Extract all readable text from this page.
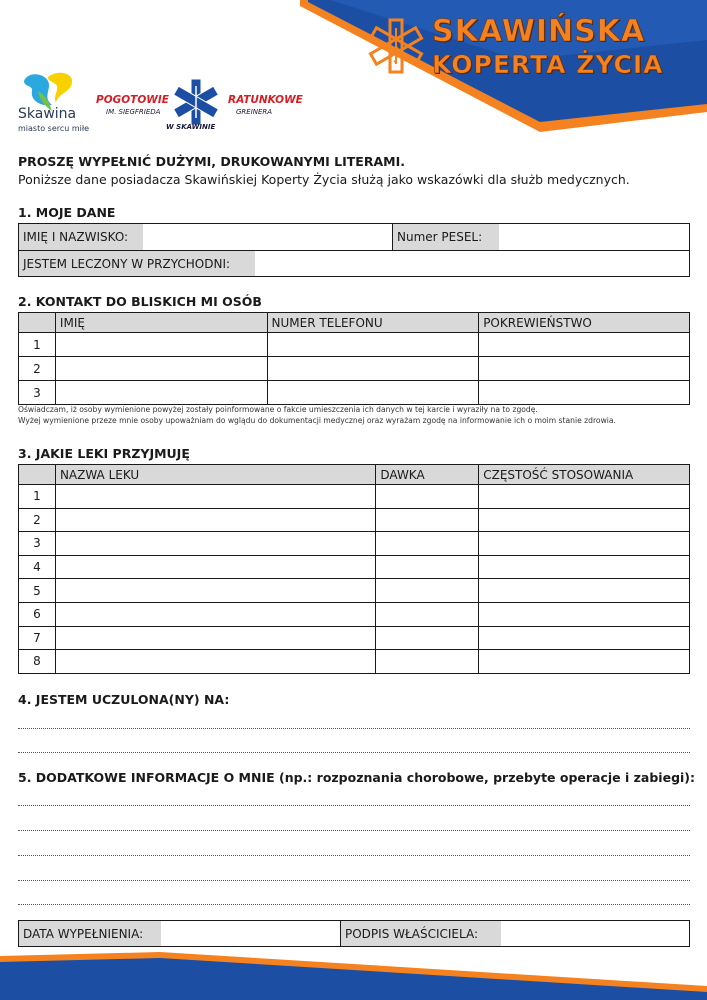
SKAWIŃSKA
KOPERTA ŻYCIA
Skawina
miasto sercu miłe
POGOTOWIE	RATUNKOWE
IM. SIEGFRIEDA	GREINERA
W SKAWINIE
PROSZĘ WYPEŁNIĆ DUŻYMI, DRUKOWANYMI LITERAMI.
Poniższe dane posiadacza Skawińskiej Koperty Życia służą jako wskazówki dla służb medycznych.
1. MOJE DANE
IMIĘ I NAZWISKO:	Numer PESEL:
JESTEM LECZONY W PRZYCHODNI:
2. KONTAKT DO BLISKICH MI OSÓB
	IMIĘ	NUMER TELEFONU	POKREWIEŃSTWO
1			
2			
3			
Oświadczam, iż osoby wymienione powyżej zostały poinformowane o fakcie umieszczenia ich danych w tej karcie i wyraziły na to zgodę.
Wyżej wymienione przeze mnie osoby upoważniam do wglądu do dokumentacji medycznej oraz wyrażam zgodę na informowanie ich o moim stanie zdrowia.
3. JAKIE LEKI PRZYJMUJĘ
	NAZWA LEKU	DAWKA	CZĘSTOŚĆ STOSOWANIA
1			
2			
3			
4			
5			
6			
7			
8			
4. JESTEM UCZULONA(NY) NA:
5. DODATKOWE INFORMACJE O MNIE (np.: rozpoznania chorobowe, przebyte operacje i zabiegi):
DATA WYPEŁNIENIA:	PODPIS WŁAŚCICIELA:
